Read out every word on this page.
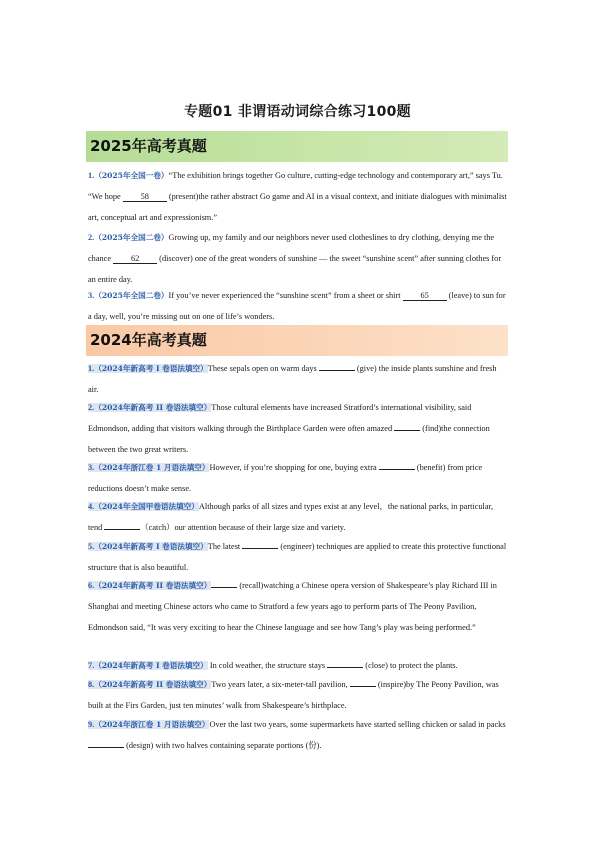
专题01 非谓语动词综合练习100题
2025年高考真题
1.（2025年全国一卷）“The exhibition brings together Go culture, cutting-edge technology and contemporary art,” says Tu. “We hope 58 (present)the rather abstract Go game and AI in a visual context, and initiate dialogues with minimalist art, conceptual art and expressionism.”
2.（2025年全国二卷）Growing up, my family and our neighbors never used clotheslines to dry clothing, denying me the chance 62 (discover) one of the great wonders of sunshine — the sweet “sunshine scent” after sunning clothes for an entire day.
3.（2025年全国二卷）If you’ve never experienced the “sunshine scent” from a sheet or shirt 65 (leave) to sun for a day, well, you’re missing out on one of life’s wonders.
2024年高考真题
1.（2024年新高考 I 卷语法填空）These sepals open on warm days	(give) the inside plants sunshine and fresh air.
2.（2024年新高考 II 卷语法填空）Those cultural elements have increased Stratford’s international visibility, said Edmondson, adding that visitors walking through the Birthplace Garden were often amazed	(find)the connection between the two great writers.
3.（2024年浙江卷 1 月语法填空）However, if you’re shopping for one, buying extra	(benefit) from price reductions doesn’t make sense.
4.（2024年全国甲卷语法填空）Although parks of all sizes and types exist at any level，the national parks, in particular, tend	（catch）our attention because of their large size and variety.
5.（2024年新高考 I 卷语法填空）The latest	(engineer) techniques are applied to create this protective functional structure that is also beautiful.
6.（2024年新高考 II 卷语法填空）	(recall)watching a Chinese opera version of Shakespeare’s play Richard III in Shanghai and meeting Chinese actors who came to Stratford a few years ago to perform parts of The Peony Pavilion, Edmondson said, “It was very exciting to hear the Chinese language and see how Tang’s play was being performed.”
7.（2024年新高考 I 卷语法填空） In cold weather, the structure stays	(close) to protect the plants.
8.（2024年新高考 II 卷语法填空）Two years later, a six-meter-tall pavilion,	(inspire)by The Peony Pavilion, was built at the Firs Garden, just ten minutes’ walk from Shakespeare’s birthplace.
9.（2024年浙江卷 1 月语法填空）Over the last two years, some supermarkets have started selling chicken or salad in packs  (design) with two halves containing separate portions (份).
